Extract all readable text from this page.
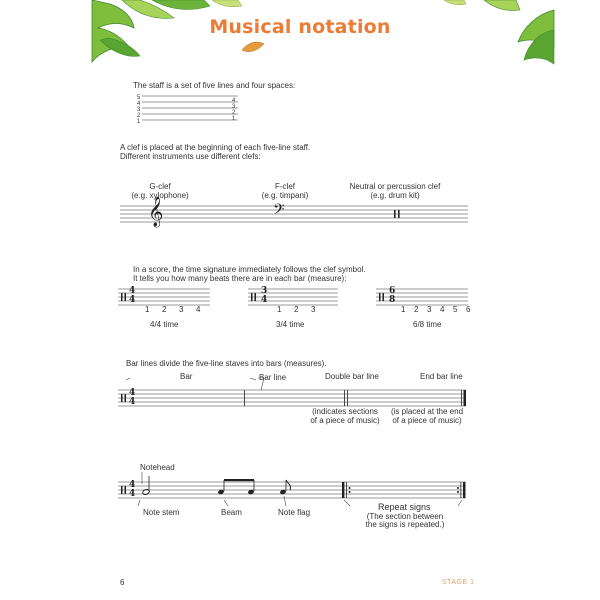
Musical notation
The staff is a set of five lines and four spaces:
5
4
3
2
1
4
3
2
1
A clef is placed at the beginning of each five-line staff.
Different instruments use different clefs:
G-clef
(e.g. xylophone)
F-clef
(e.g. timpani)
Neutral or percussion clef
(e.g. drum kit)
𝄞	𝄢
In a score, the time signature immediately follows the clef symbol.
It tells you how many beats there are in each bar (measure):
4
4
3
4
6
8
1 2 3 4	1 2 3	1 2 3 4 5 6
4/4 time	3/4 time	6/8 time
Bar lines divide the five-line staves into bars (measures).
Bar	Bar line	Double bar line	End bar line
4
4
(indicates sections
of a piece of music)
(is placed at the end
of a piece of music)
Notehead
4
4
Note stem	Beam	Note flag
Repeat signs
(The section between
the signs is repeated.)
6	STAGE 1
